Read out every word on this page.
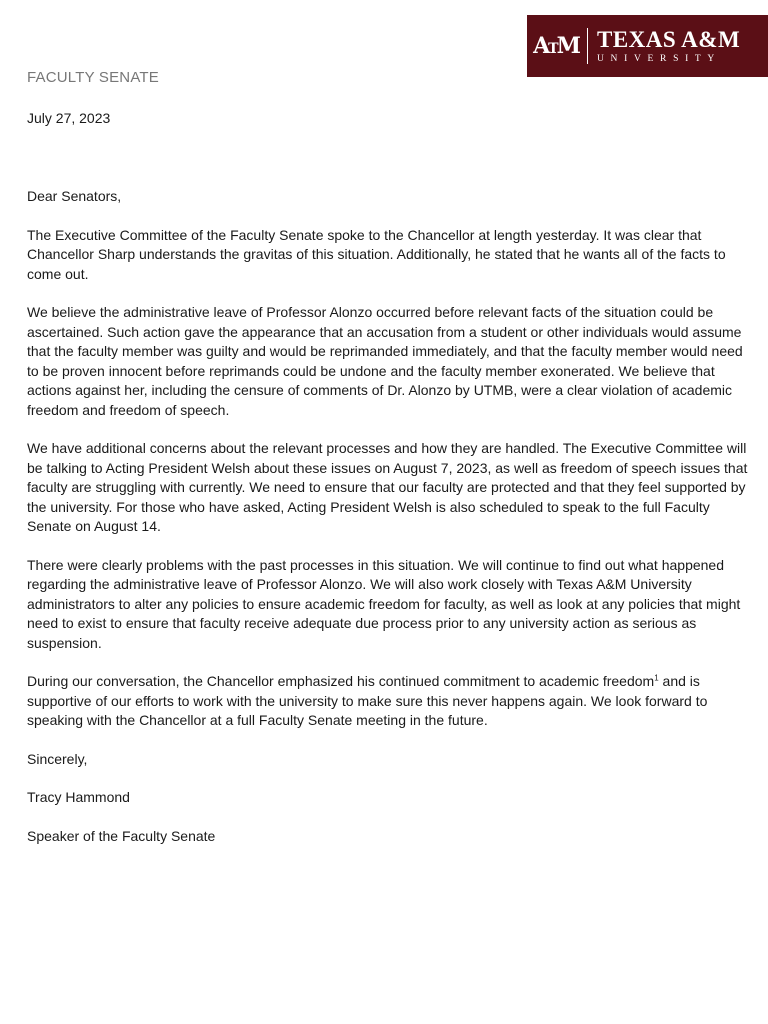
A T M TEXAS A&M
UNIVERSITY
FACULTY SENATE
July 27, 2023

Dear Senators,

The Executive Committee of the Faculty Senate spoke to the Chancellor at length yesterday. It was clear that Chancellor Sharp understands the gravitas of this situation. Additionally, he stated that he wants all of the facts to come out.

We believe the administrative leave of Professor Alonzo occurred before relevant facts of the situation could be ascertained. Such action gave the appearance that an accusation from a student or other individuals would assume that the faculty member was guilty and would be reprimanded immediately, and that the faculty member would need to be proven innocent before reprimands could be undone and the faculty member exonerated. We believe that actions against her, including the censure of comments of Dr. Alonzo by UTMB, were a clear violation of academic freedom and freedom of speech.

We have additional concerns about the relevant processes and how they are handled. The Executive Committee will be talking to Acting President Welsh about these issues on August 7, 2023, as well as freedom of speech issues that faculty are struggling with currently. We need to ensure that our faculty are protected and that they feel supported by the university. For those who have asked, Acting President Welsh is also scheduled to speak to the full Faculty Senate on August 14.

There were clearly problems with the past processes in this situation. We will continue to find out what happened regarding the administrative leave of Professor Alonzo. We will also work closely with Texas A&M University administrators to alter any policies to ensure academic freedom for faculty, as well as look at any policies that might need to exist to ensure that faculty receive adequate due process prior to any university action as serious as suspension.

During our conversation, the Chancellor emphasized his continued commitment to academic freedom$^1$ and is supportive of our efforts to work with the university to make sure this never happens again. We look forward to speaking with the Chancellor at a full Faculty Senate meeting in the future.

Sincerely,

Tracy Hammond

Speaker of the Faculty Senate
